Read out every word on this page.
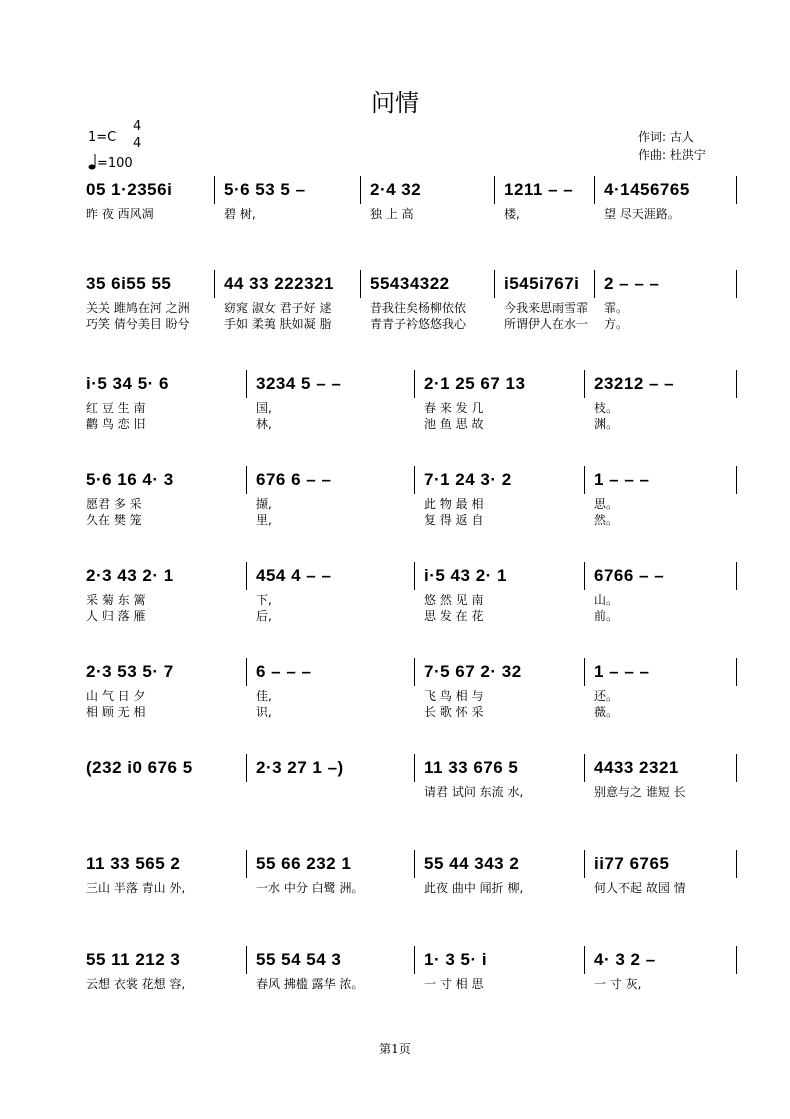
问情
1=C
4
4
=100
作词: 古人
作曲: 杜洪宁
05 1·2356i
昨 夜 西风凋
5·6 53 5 –
碧 树,
2·4 32
独 上 高
1211 – –
楼,
4·1456765
望 尽天涯路。
35 6i55 55
关关 雎鸠在河 之洲
巧笑 倩兮美目 盼兮
44 33 222321
窈窕 淑女 君子好 逑
手如 柔荑 肤如凝 脂
55434322
昔我往矣杨柳依依
青青子衿悠悠我心
i545i767i
今我来思雨雪霏
所谓伊人在水一
2 – – –
霏。
方。
i·5 34 5· 6
红 豆 生 南
鹳 鸟 恋 旧
3234 5 – –
国,
林,
2·1 25 67 13
春 来 发 几
池 鱼 思 故
23212 – –
枝。
渊。
5·6 16 4· 3
愿君 多 采
久在 樊 笼
676 6 – –
撷,
里,
7·1 24 3· 2
此 物 最 相
复 得 返 自
1 – – –
思。
然。
2·3 43 2· 1
采 菊 东 篱
人 归 落 雁
454 4 – –
下,
后,
i·5 43 2· 1
悠 然 见 南
思 发 在 花
6766 – –
山。
前。
2·3 53 5· 7
山 气 日 夕
相 顾 无 相
6 – – –
佳,
识,
7·5 67 2· 32
飞 鸟 相 与
长 歌 怀 采
1 – – –
还。
薇。
(232 i0 676 5	2·3 27 1 –)	11 33 676 5
请君 试问 东流 水,
4433 2321
别意与之 谁短 长
11 33 565 2
三山 半落 青山 外,
55 66 232 1
一水 中分 白鹭 洲。
55 44 343 2
此夜 曲中 闻折 柳,
ii77 6765
何人不起 故园 情
55 11 212 3
云想 衣裳 花想 容,
55 54 54 3
春风 拂槛 露华 浓。
1· 3 5· i
一 寸 相 思
4· 3 2 –
一 寸 灰,
第1页
